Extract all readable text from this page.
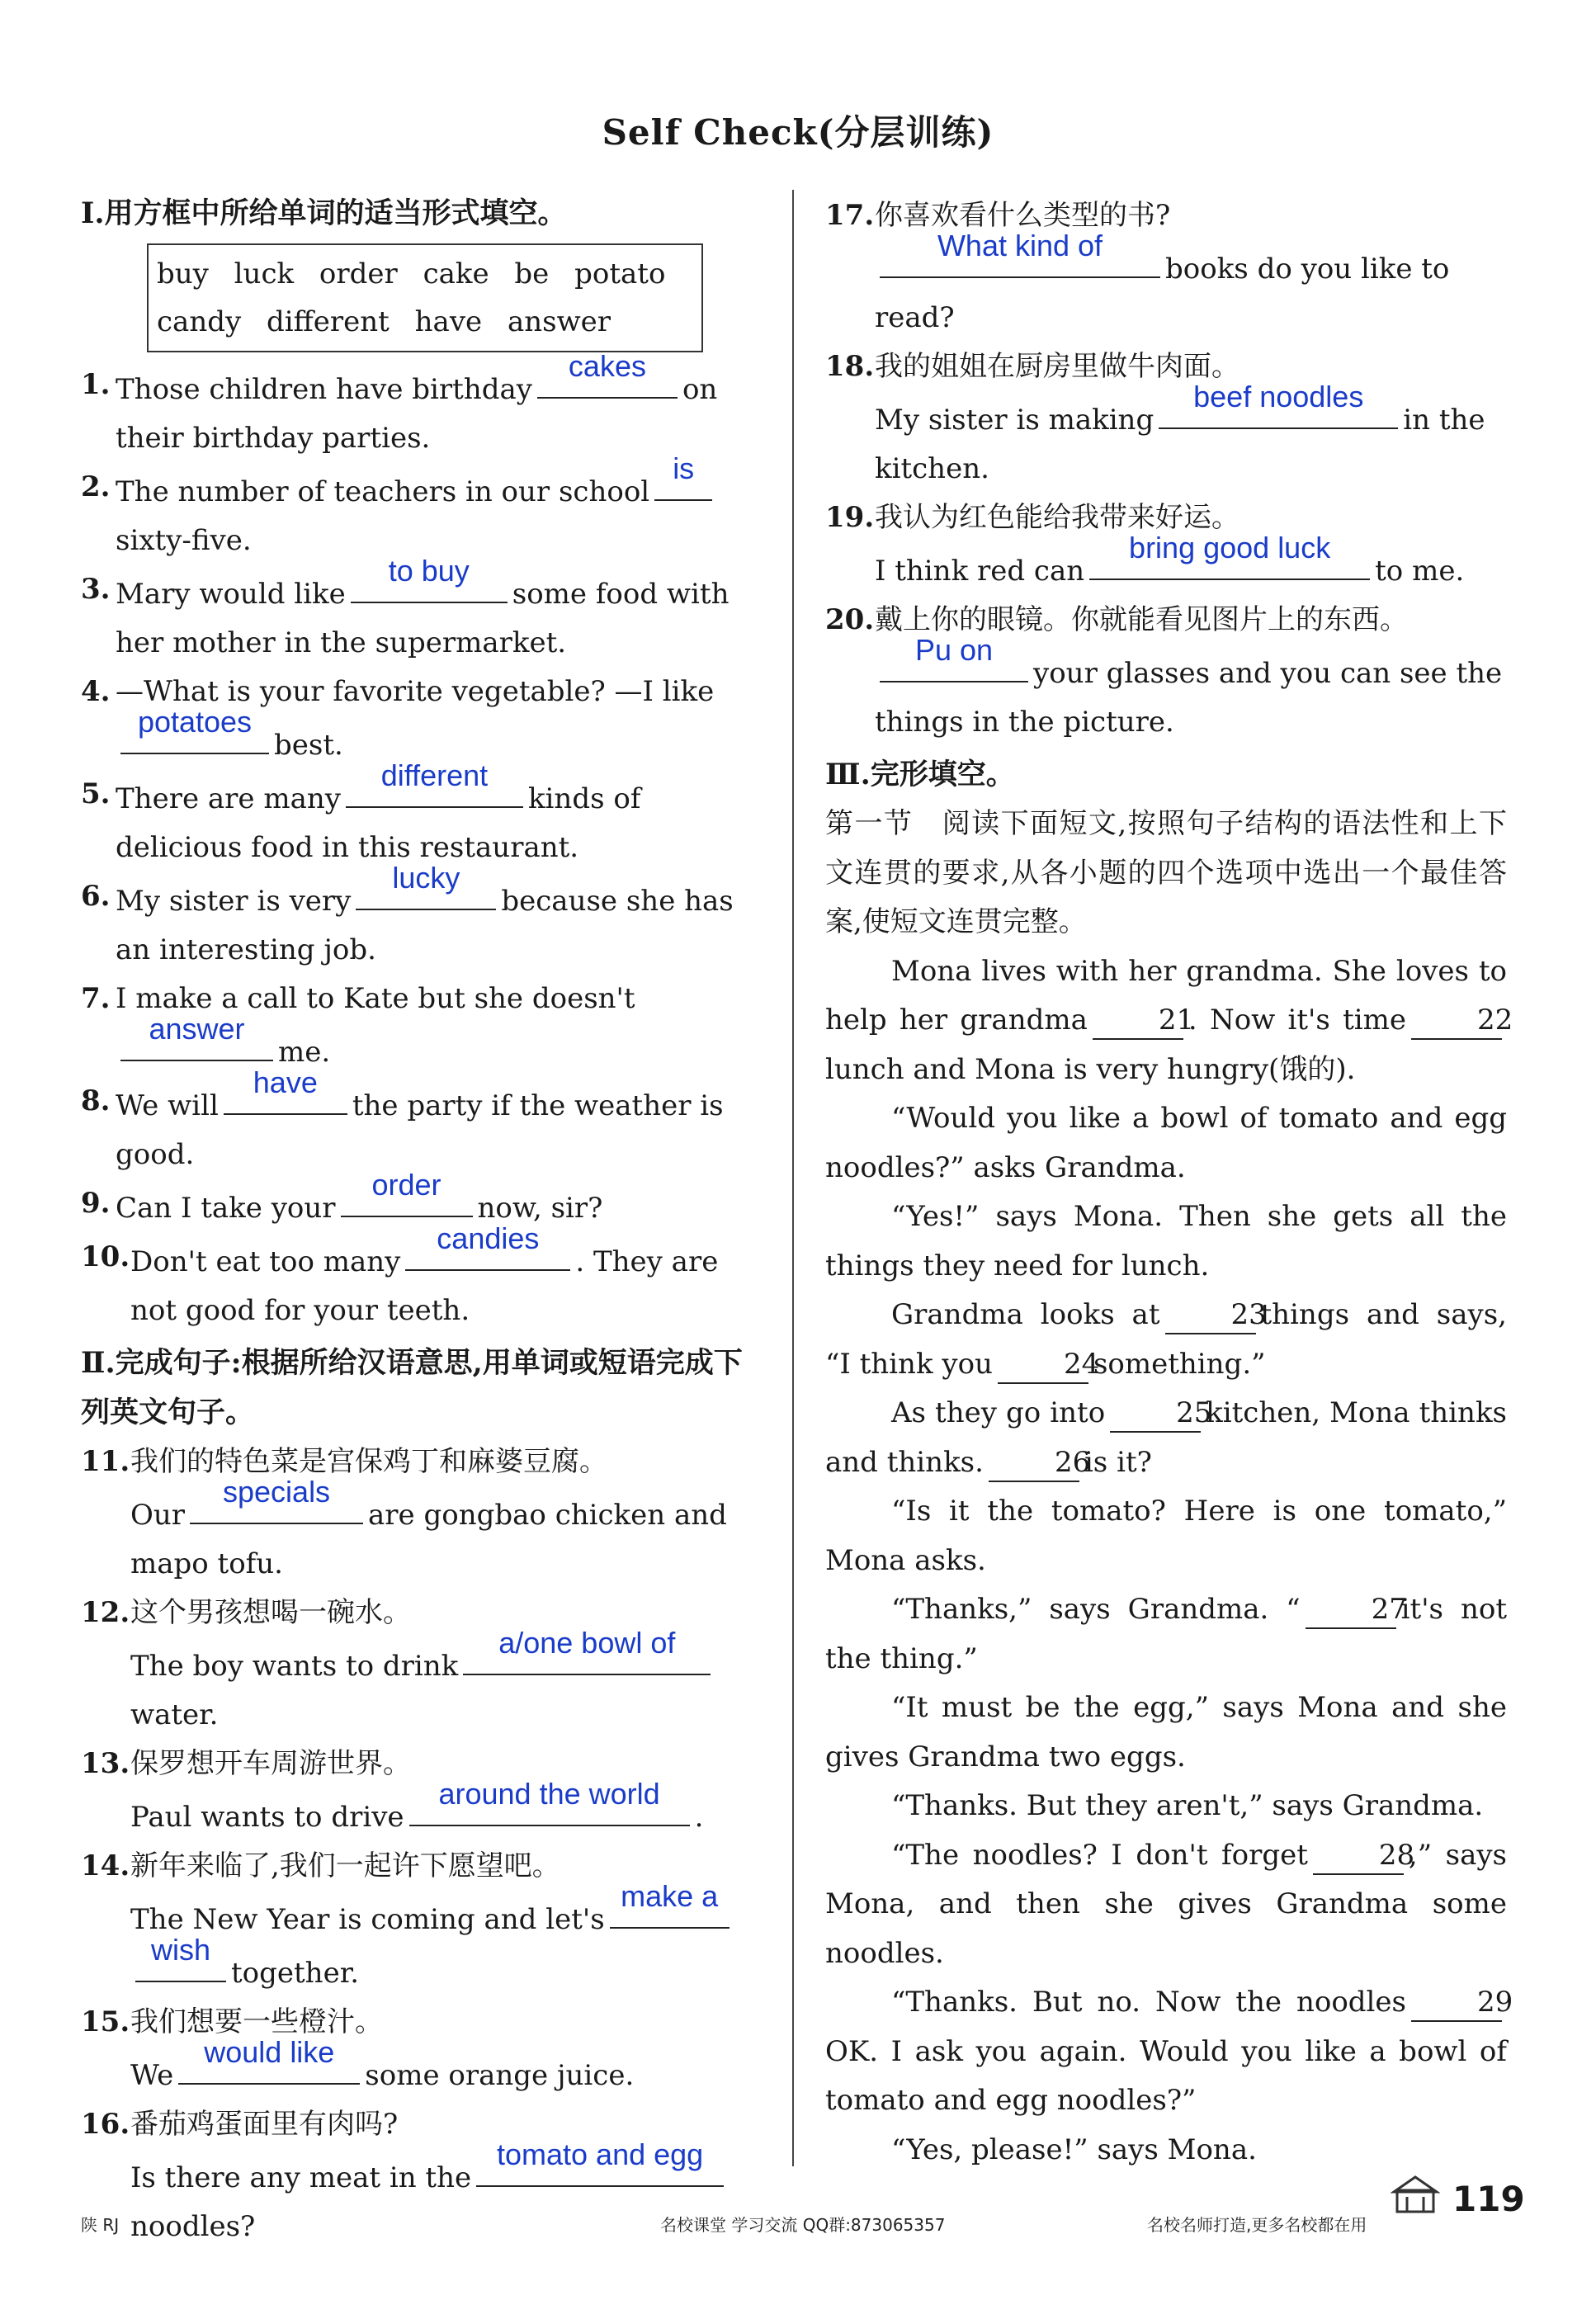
Self Check(分层训练)
Ⅰ.用方框中所给单词的适当形式填空。
buy luck order cake be potato
candy different have answer
1. Those children have birthday
cakes
on their birthday parties.
2. The number of teachers in our school
is
sixty-five.
3. Mary would like
to buy
some food with her mother in the supermarket.
4. —What is your favorite vegetable? —I like
potatoes
best.
5. There are many
different
kinds of delicious food in this restaurant.
6. My sister is very
lucky
because she has an interesting job.
7. I make a call to Kate but she doesn't
answer
me.
8. We will
have
the party if the weather is good.
9. Can I take your
order
now, sir?
10. Don't eat too many
candies
. They are not good for your teeth.
Ⅱ.完成句子:根据所给汉语意思,用单词或短语完成下列英文句子。
11. 我们的特色菜是宫保鸡丁和麻婆豆腐。
Our
specials
are gongbao chicken and mapo tofu.
12. 这个男孩想喝一碗水。
The boy wants to drink
a/one bowl of
water.
13. 保罗想开车周游世界。
Paul wants to drive
around the world
.
14. 新年来临了,我们一起许下愿望吧。
The New Year is coming and let's
make a

wish
together.
15. 我们想要一些橙汁。
We
would like
some orange juice.
16. 番茄鸡蛋面里有肉吗?
Is there any meat in the
tomato and egg
noodles?
17. 你喜欢看什么类型的书?
What kind of
books do you like to read?
18. 我的姐姐在厨房里做牛肉面。
My sister is making
beef noodles
in the kitchen.
19. 我认为红色能给我带来好运。
I think red can
bring good luck
to me.
20. 戴上你的眼镜。你就能看见图片上的东西。
Pu on
your glasses and you can see the things in the picture.
Ⅲ.完形填空。
第一节　阅读下面短文,按照句子结构的语法性和上下文连贯的要求,从各小题的四个选项中选出一个最佳答案,使短文连贯完整。
Mona lives with her grandma. She loves to help her grandma	21. Now it's time	22lunch and Mona is very hungry(饿的).
“Would you like a bowl of tomato and egg noodles?” asks Grandma.
“Yes!” says Mona. Then she gets all the things they need for lunch.
Grandma looks at	23things and says, “I think you	24something.”
As they go into	25kitchen, Mona thinks and thinks.	26is it?
“Is it the tomato? Here is one tomato,” Mona asks.
“Thanks,” says Grandma. “	27it's not the thing.”
“It must be the egg,” says Mona and she gives Grandma two eggs.
“Thanks. But they aren't,” says Grandma.
“The noodles? I don't forget	28,” says Mona, and then she gives Grandma some noodles.
“Thanks. But no. Now the noodles	29OK. I ask you again. Would you like a bowl of tomato and egg noodles?”
“Yes, please!” says Mona.
陕 RJ	名校课堂 学习交流 QQ群:873065357	名校名师打造,更多名校都在用
119
